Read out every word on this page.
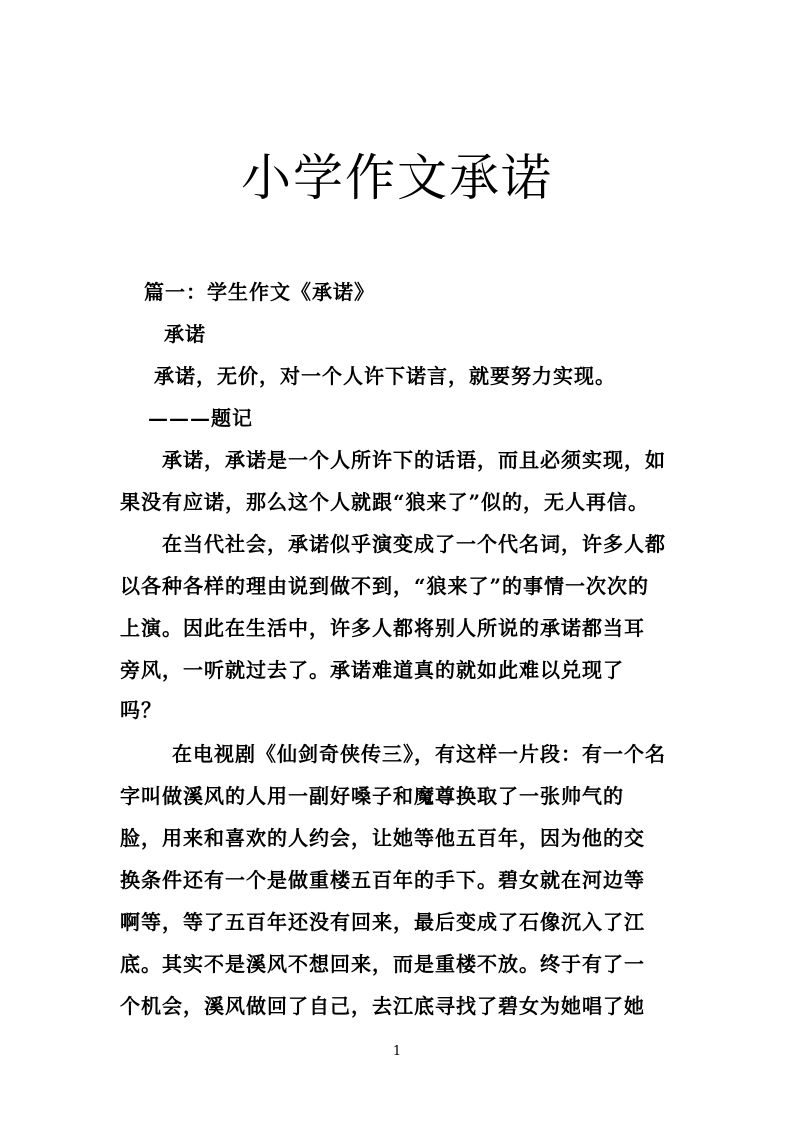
小学作文承诺
篇一：学生作文《承诺》
承诺
承诺，无价，对一个人许下诺言，就要努力实现。
———题记
承诺，承诺是一个人所许下的话语，而且必须实现，如
果没有应诺，那么这个人就跟“狼来了”似的，无人再信。
在当代社会，承诺似乎演变成了一个代名词，许多人都
以各种各样的理由说到做不到，“狼来了”的事情一次次的
上演。因此在生活中，许多人都将别人所说的承诺都当耳
旁风，一听就过去了。承诺难道真的就如此难以兑现了
吗？
在电视剧《仙剑奇侠传三》，有这样一片段：有一个名
字叫做溪风的人用一副好嗓子和魔尊换取了一张帅气的
脸，用来和喜欢的人约会，让她等他五百年，因为他的交
换条件还有一个是做重楼五百年的手下。碧女就在河边等
啊等，等了五百年还没有回来，最后变成了石像沉入了江
底。其实不是溪风不想回来，而是重楼不放。终于有了一
个机会，溪风做回了自己，去江底寻找了碧女为她唱了她
1
